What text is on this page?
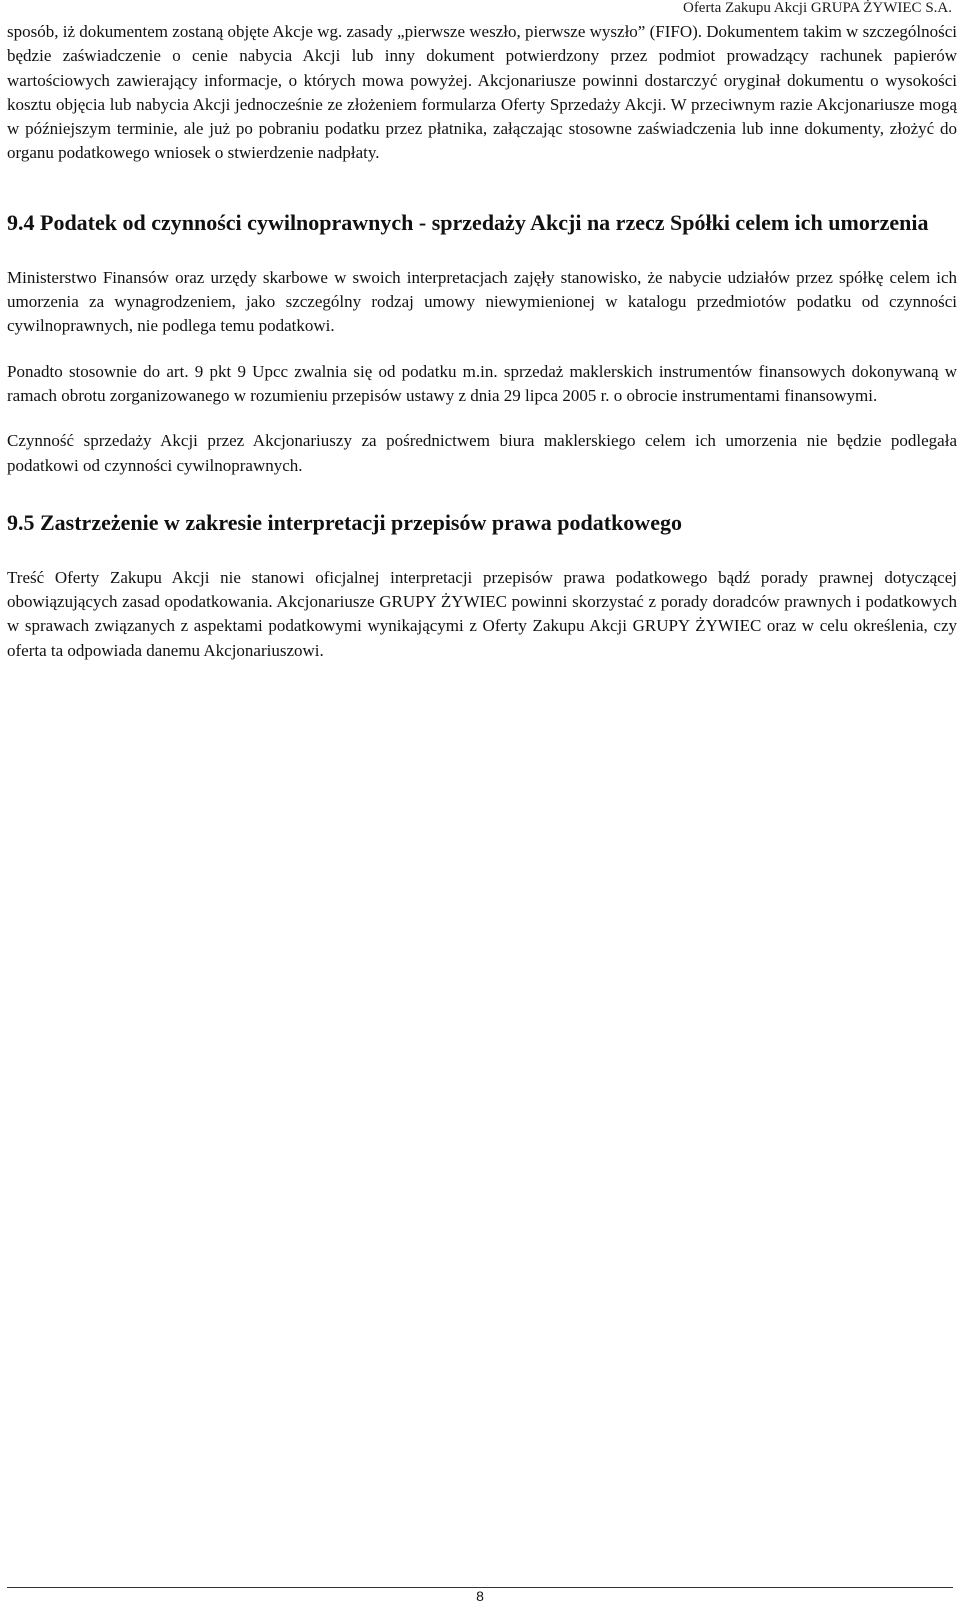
Oferta Zakupu Akcji GRUPA ŻYWIEC S.A.

sposób, iż dokumentem zostaną objęte Akcje wg. zasady „pierwsze weszło, pierwsze wyszło” (FIFO). Dokumentem takim w szczególności będzie zaświadczenie o cenie nabycia Akcji lub inny dokument potwierdzony przez podmiot prowadzący rachunek papierów wartościowych zawierający informacje, o których mowa powyżej. Akcjonariusze powinni dostarczyć oryginał dokumentu o wysokości kosztu objęcia lub nabycia Akcji jednocześnie ze złożeniem formularza Oferty Sprzedaży Akcji. W przeciwnym razie Akcjonariusze mogą w późniejszym terminie, ale już po pobraniu podatku przez płatnika, załączając stosowne zaświadczenia lub inne dokumenty, złożyć do organu podatkowego wniosek o stwierdzenie nadpłaty.

9.4 Podatek od czynności cywilnoprawnych - sprzedaży Akcji na rzecz Spółki celem ich umorzenia

Ministerstwo Finansów oraz urzędy skarbowe w swoich interpretacjach zajęły stanowisko, że nabycie udziałów przez spółkę celem ich umorzenia za wynagrodzeniem, jako szczególny rodzaj umowy niewymienionej w katalogu przedmiotów podatku od czynności cywilnoprawnych, nie podlega temu podatkowi.

Ponadto stosownie do art. 9 pkt 9 Upcc zwalnia się od podatku m.in. sprzedaż maklerskich instrumentów finansowych dokonywaną w ramach obrotu zorganizowanego w rozumieniu przepisów ustawy z dnia 29 lipca 2005 r. o obrocie instrumentami finansowymi.

Czynność sprzedaży Akcji przez Akcjonariuszy za pośrednictwem biura maklerskiego celem ich umorzenia nie będzie podlegała podatkowi od czynności cywilnoprawnych.

9.5 Zastrzeżenie w zakresie interpretacji przepisów prawa podatkowego

Treść Oferty Zakupu Akcji nie stanowi oficjalnej interpretacji przepisów prawa podatkowego bądź porady prawnej dotyczącej obowiązujących zasad opodatkowania. Akcjonariusze GRUPY ŻYWIEC powinni skorzystać z porady doradców prawnych i podatkowych w sprawach związanych z aspektami podatkowymi wynikającymi z Oferty Zakupu Akcji GRUPY ŻYWIEC oraz w celu określenia, czy oferta ta odpowiada danemu Akcjonariuszowi.

8
